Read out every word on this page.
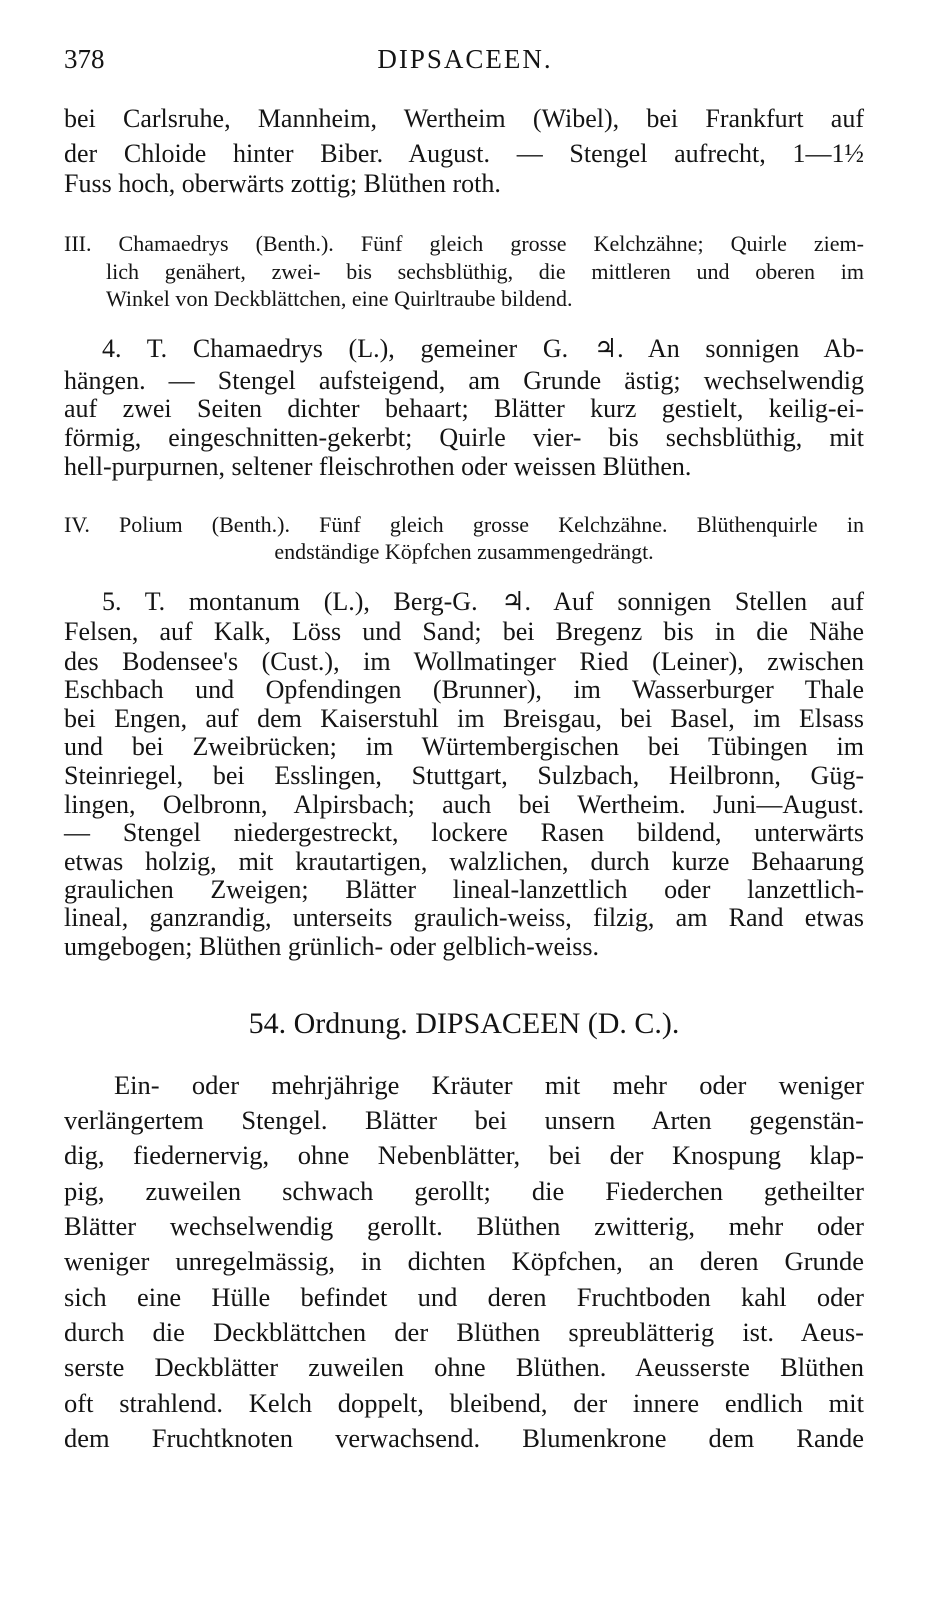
378	DIPSACEEN.

bei Carlsruhe, Mannheim, Wertheim (Wibel), bei Frankfurt auf

der Chloide hinter Biber. August. — Stengel aufrecht, 1—1½

Fuss hoch, oberwärts zottig; Blüthen roth.

III. Chamaedrys (Benth.). Fünf gleich grosse Kelchzähne; Quirle ziem-

lich genähert, zwei- bis sechsblüthig, die mittleren und oberen im

Winkel von Deckblättchen, eine Quirltraube bildend.

4. T. Chamaedrys (L.), gemeiner G. ♃. An sonnigen Ab-

hängen. — Stengel aufsteigend, am Grunde ästig; wechselwendig

auf zwei Seiten dichter behaart; Blätter kurz gestielt, keilig-ei-

förmig, eingeschnitten-gekerbt; Quirle vier- bis sechsblüthig, mit

hell-purpurnen, seltener fleischrothen oder weissen Blüthen.

IV. Polium (Benth.). Fünf gleich grosse Kelchzähne. Blüthenquirle in

endständige Köpfchen zusammengedrängt.

5. T. montanum (L.), Berg-G. ♃. Auf sonnigen Stellen auf

Felsen, auf Kalk, Löss und Sand; bei Bregenz bis in die Nähe

des Bodensee's (Cust.), im Wollmatinger Ried (Leiner), zwischen

Eschbach und Opfendingen (Brunner), im Wasserburger Thale

bei Engen, auf dem Kaiserstuhl im Breisgau, bei Basel, im Elsass

und bei Zweibrücken; im Würtembergischen bei Tübingen im

Steinriegel, bei Esslingen, Stuttgart, Sulzbach, Heilbronn, Güg-

lingen, Oelbronn, Alpirsbach; auch bei Wertheim. Juni—August.

— Stengel niedergestreckt, lockere Rasen bildend, unterwärts

etwas holzig, mit krautartigen, walzlichen, durch kurze Behaarung

graulichen Zweigen; Blätter lineal-lanzettlich oder lanzettlich-

lineal, ganzrandig, unterseits graulich-weiss, filzig, am Rand etwas

umgebogen; Blüthen grünlich- oder gelblich-weiss.

54. Ordnung. DIPSACEEN (D. C.).

Ein- oder mehrjährige Kräuter mit mehr oder weniger

verlängertem Stengel. Blätter bei unsern Arten gegenstän-

dig, fiedernervig, ohne Nebenblätter, bei der Knospung klap-

pig, zuweilen schwach gerollt; die Fiederchen getheilter

Blätter wechselwendig gerollt. Blüthen zwitterig, mehr oder

weniger unregelmässig, in dichten Köpfchen, an deren Grunde

sich eine Hülle befindet und deren Fruchtboden kahl oder

durch die Deckblättchen der Blüthen spreublätterig ist. Aeus-

serste Deckblätter zuweilen ohne Blüthen. Aeusserste Blüthen

oft strahlend. Kelch doppelt, bleibend, der innere endlich mit

dem Fruchtknoten verwachsend. Blumenkrone dem Rande
